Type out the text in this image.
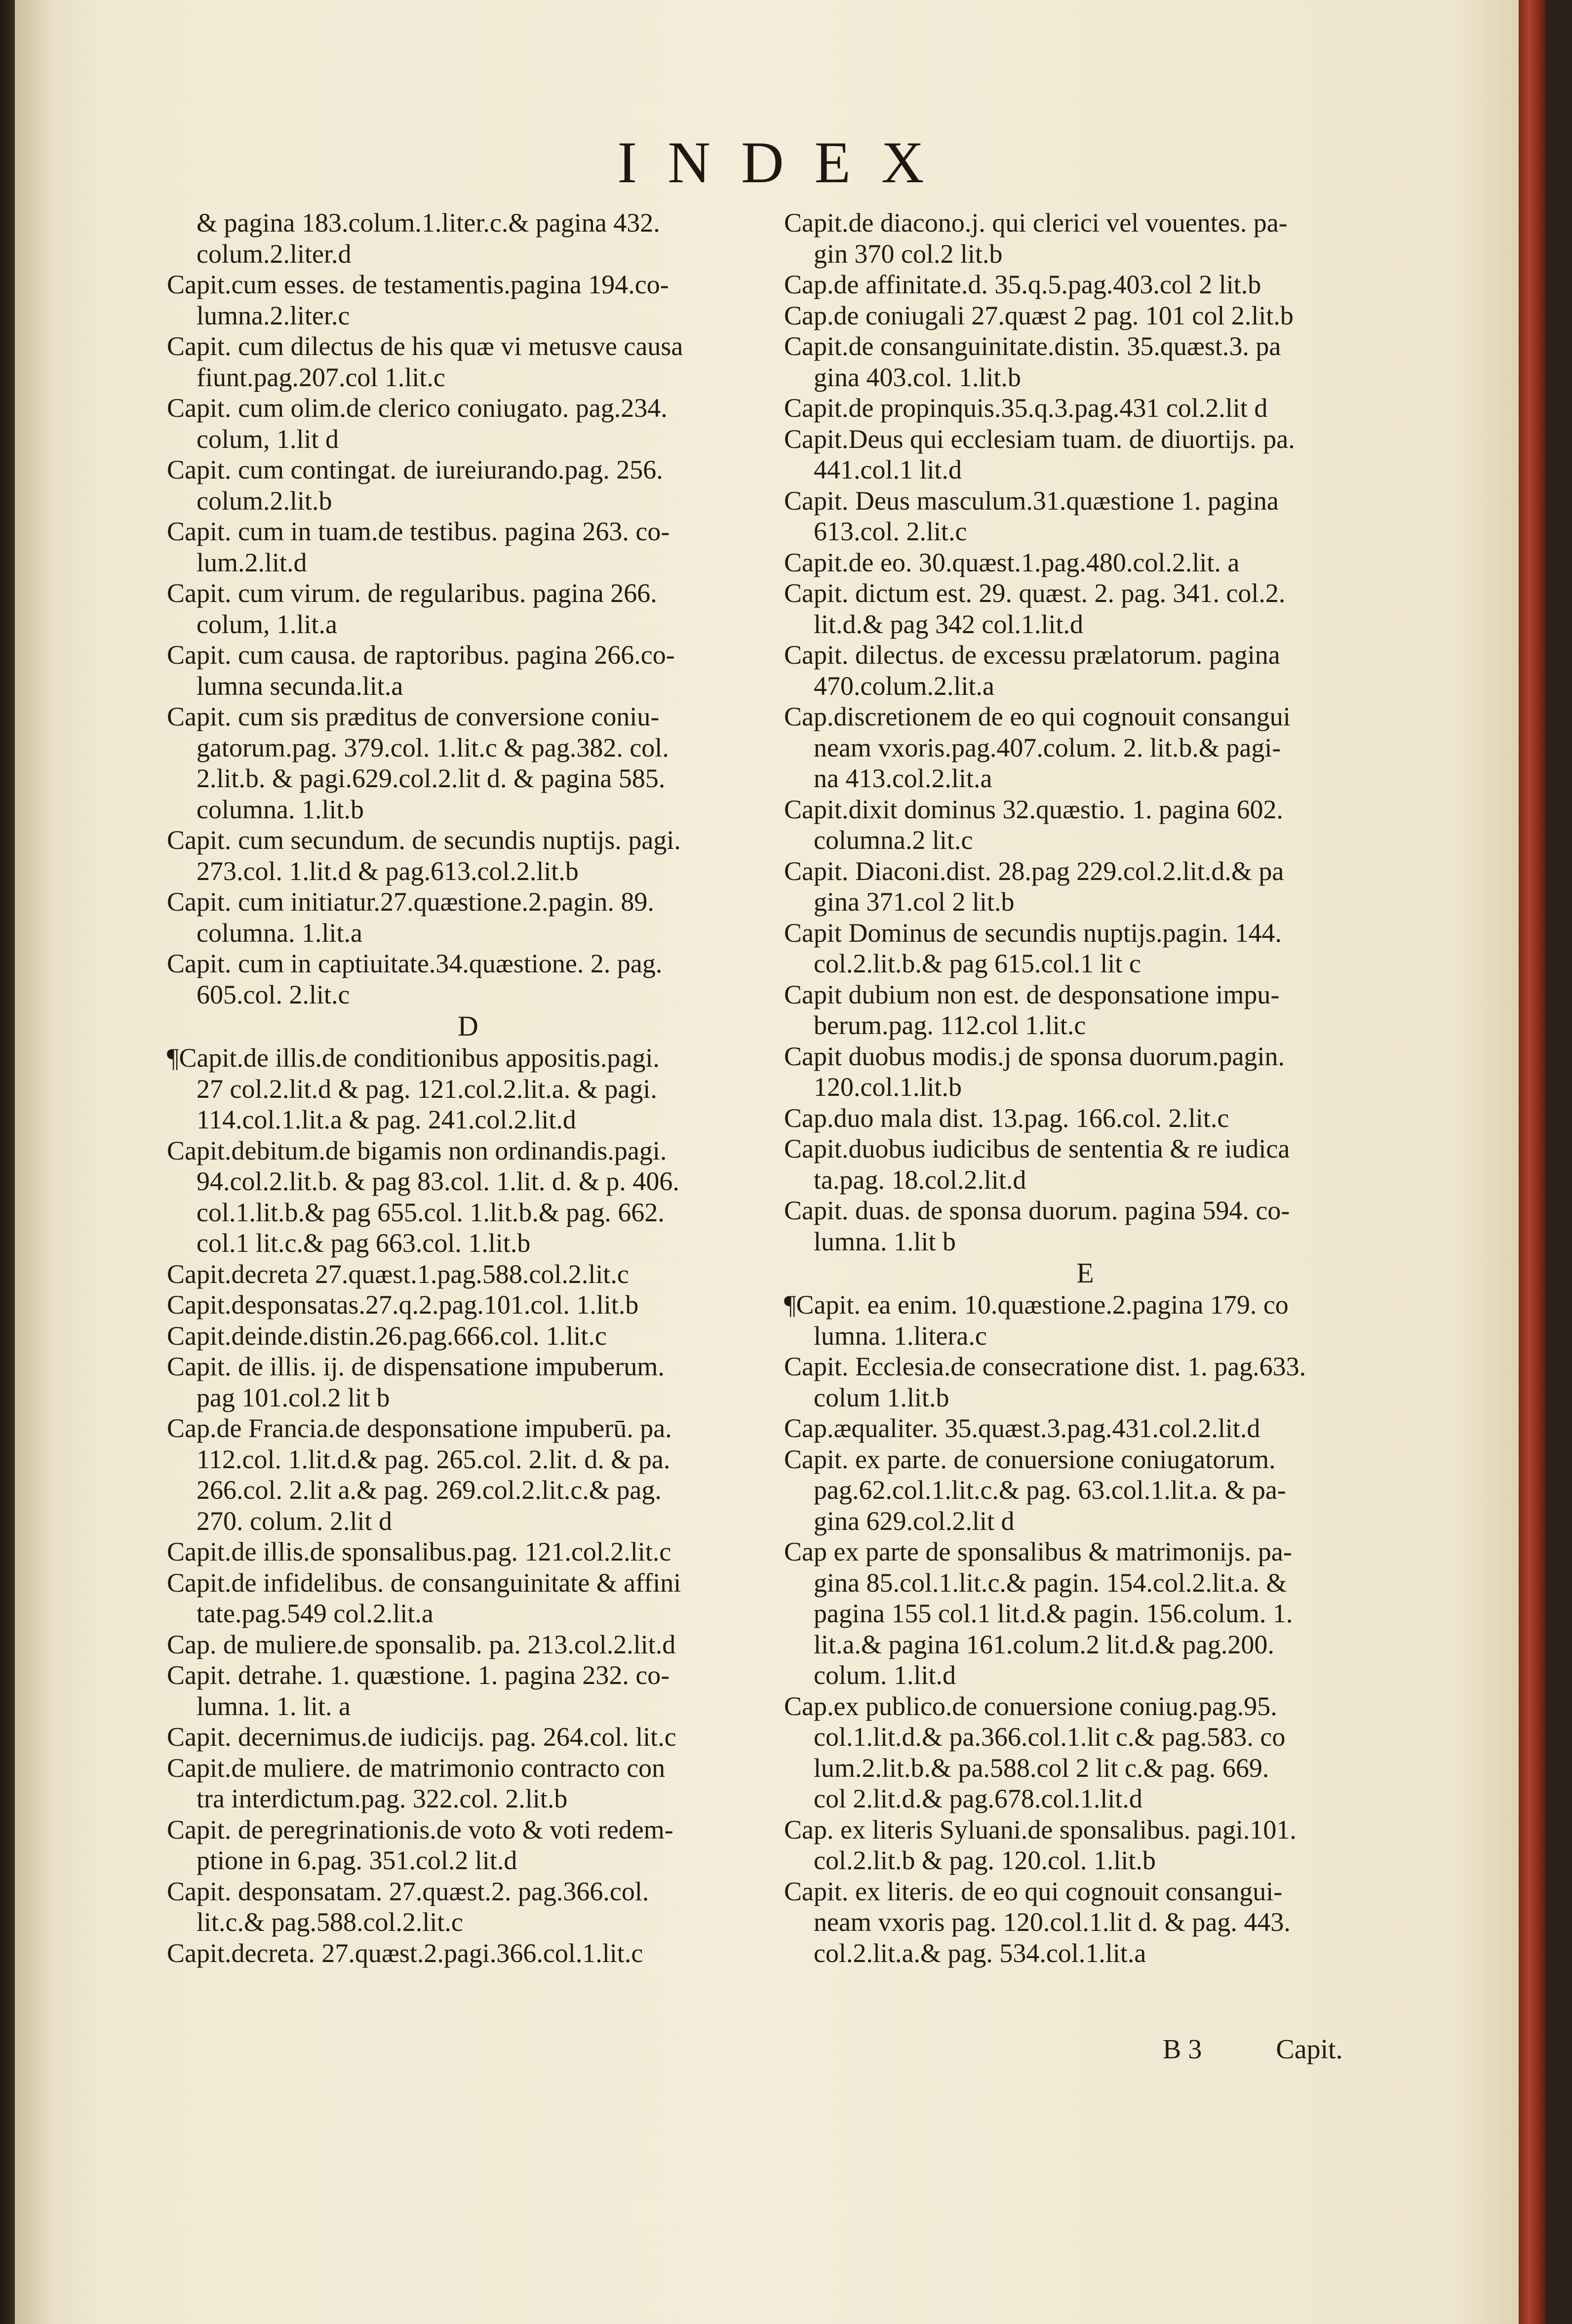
INDEX
& pagina 183.colum.1.liter.c.& pagina 432.
colum.2.liter.d
Capit.cum esses. de testamentis.pagina 194.co-
lumna.2.liter.c
Capit. cum dilectus de his quæ vi metusve causa
fiunt.pag.207.col 1.lit.c
Capit. cum olim.de clerico coniugato. pag.234.
colum, 1.lit d
Capit. cum contingat. de iureiurando.pag. 256.
colum.2.lit.b
Capit. cum in tuam.de testibus. pagina 263. co-
lum.2.lit.d
Capit. cum virum. de regularibus. pagina 266.
colum, 1.lit.a
Capit. cum causa. de raptoribus. pagina 266.co-
lumna secunda.lit.a
Capit. cum sis præditus de conversione coniu-
gatorum.pag. 379.col. 1.lit.c & pag.382. col.
2.lit.b. & pagi.629.col.2.lit d. & pagina 585.
columna. 1.lit.b
Capit. cum secundum. de secundis nuptijs. pagi.
273.col. 1.lit.d & pag.613.col.2.lit.b
Capit. cum initiatur.27.quæstione.2.pagin. 89.
columna. 1.lit.a
Capit. cum in captiuitate.34.quæstione. 2. pag.
605.col. 2.lit.c
D
¶Capit.de illis.de conditionibus appositis.pagi.
27 col.2.lit.d & pag. 121.col.2.lit.a. & pagi.
114.col.1.lit.a & pag. 241.col.2.lit.d
Capit.debitum.de bigamis non ordinandis.pagi.
94.col.2.lit.b. & pag 83.col. 1.lit. d. & p. 406.
col.1.lit.b.& pag 655.col. 1.lit.b.& pag. 662.
col.1 lit.c.& pag 663.col. 1.lit.b
Capit.decreta 27.quæst.1.pag.588.col.2.lit.c
Capit.desponsatas.27.q.2.pag.101.col. 1.lit.b
Capit.deinde.distin.26.pag.666.col. 1.lit.c
Capit. de illis. ij. de dispensatione impuberum.
pag 101.col.2 lit b
Cap.de Francia.de desponsatione impuberū. pa.
112.col. 1.lit.d.& pag. 265.col. 2.lit. d. & pa.
266.col. 2.lit a.& pag. 269.col.2.lit.c.& pag.
270. colum. 2.lit d
Capit.de illis.de sponsalibus.pag. 121.col.2.lit.c
Capit.de infidelibus. de consanguinitate & affini
tate.pag.549 col.2.lit.a
Cap. de muliere.de sponsalib. pa. 213.col.2.lit.d
Capit. detrahe. 1. quæstione. 1. pagina 232. co-
lumna. 1. lit. a
Capit. decernimus.de iudicijs. pag. 264.col. lit.c
Capit.de muliere. de matrimonio contracto con
tra interdictum.pag. 322.col. 2.lit.b
Capit. de peregrinationis.de voto & voti redem-
ptione in 6.pag. 351.col.2 lit.d
Capit. desponsatam. 27.quæst.2. pag.366.col.
lit.c.& pag.588.col.2.lit.c
Capit.decreta. 27.quæst.2.pagi.366.col.1.lit.c
Capit.de diacono.j. qui clerici vel vouentes. pa-
gin 370 col.2 lit.b
Cap.de affinitate.d. 35.q.5.pag.403.col 2 lit.b
Cap.de coniugali 27.quæst 2 pag. 101 col 2.lit.b
Capit.de consanguinitate.distin. 35.quæst.3. pa
gina 403.col. 1.lit.b
Capit.de propinquis.35.q.3.pag.431 col.2.lit d
Capit.Deus qui ecclesiam tuam. de diuortijs. pa.
441.col.1 lit.d
Capit. Deus masculum.31.quæstione 1. pagina
613.col. 2.lit.c
Capit.de eo. 30.quæst.1.pag.480.col.2.lit. a
Capit. dictum est. 29. quæst. 2. pag. 341. col.2.
lit.d.& pag 342 col.1.lit.d
Capit. dilectus. de excessu prælatorum. pagina
470.colum.2.lit.a
Cap.discretionem de eo qui cognouit consangui
neam vxoris.pag.407.colum. 2. lit.b.& pagi-
na 413.col.2.lit.a
Capit.dixit dominus 32.quæstio. 1. pagina 602.
columna.2 lit.c
Capit. Diaconi.dist. 28.pag 229.col.2.lit.d.& pa
gina 371.col 2 lit.b
Capit Dominus de secundis nuptijs.pagin. 144.
col.2.lit.b.& pag 615.col.1 lit c
Capit dubium non est. de desponsatione impu-
berum.pag. 112.col 1.lit.c
Capit duobus modis.j de sponsa duorum.pagin.
120.col.1.lit.b
Cap.duo mala dist. 13.pag. 166.col. 2.lit.c
Capit.duobus iudicibus de sententia & re iudica
ta.pag. 18.col.2.lit.d
Capit. duas. de sponsa duorum. pagina 594. co-
lumna. 1.lit b
E
¶Capit. ea enim. 10.quæstione.2.pagina 179. co
lumna. 1.litera.c
Capit. Ecclesia.de consecratione dist. 1. pag.633.
colum 1.lit.b
Cap.æqualiter. 35.quæst.3.pag.431.col.2.lit.d
Capit. ex parte. de conuersione coniugatorum.
pag.62.col.1.lit.c.& pag. 63.col.1.lit.a. & pa-
gina 629.col.2.lit d
Cap ex parte de sponsalibus & matrimonijs. pa-
gina 85.col.1.lit.c.& pagin. 154.col.2.lit.a. &
pagina 155 col.1 lit.d.& pagin. 156.colum. 1.
lit.a.& pagina 161.colum.2 lit.d.& pag.200.
colum. 1.lit.d
Cap.ex publico.de conuersione coniug.pag.95.
col.1.lit.d.& pa.366.col.1.lit c.& pag.583. co
lum.2.lit.b.& pa.588.col 2 lit c.& pag. 669.
col 2.lit.d.& pag.678.col.1.lit.d
Cap. ex literis Syluani.de sponsalibus. pagi.101.
col.2.lit.b & pag. 120.col. 1.lit.b
Capit. ex literis. de eo qui cognouit consangui-
neam vxoris pag. 120.col.1.lit d. & pag. 443.
col.2.lit.a.& pag. 534.col.1.lit.a
B 3	Capit.
